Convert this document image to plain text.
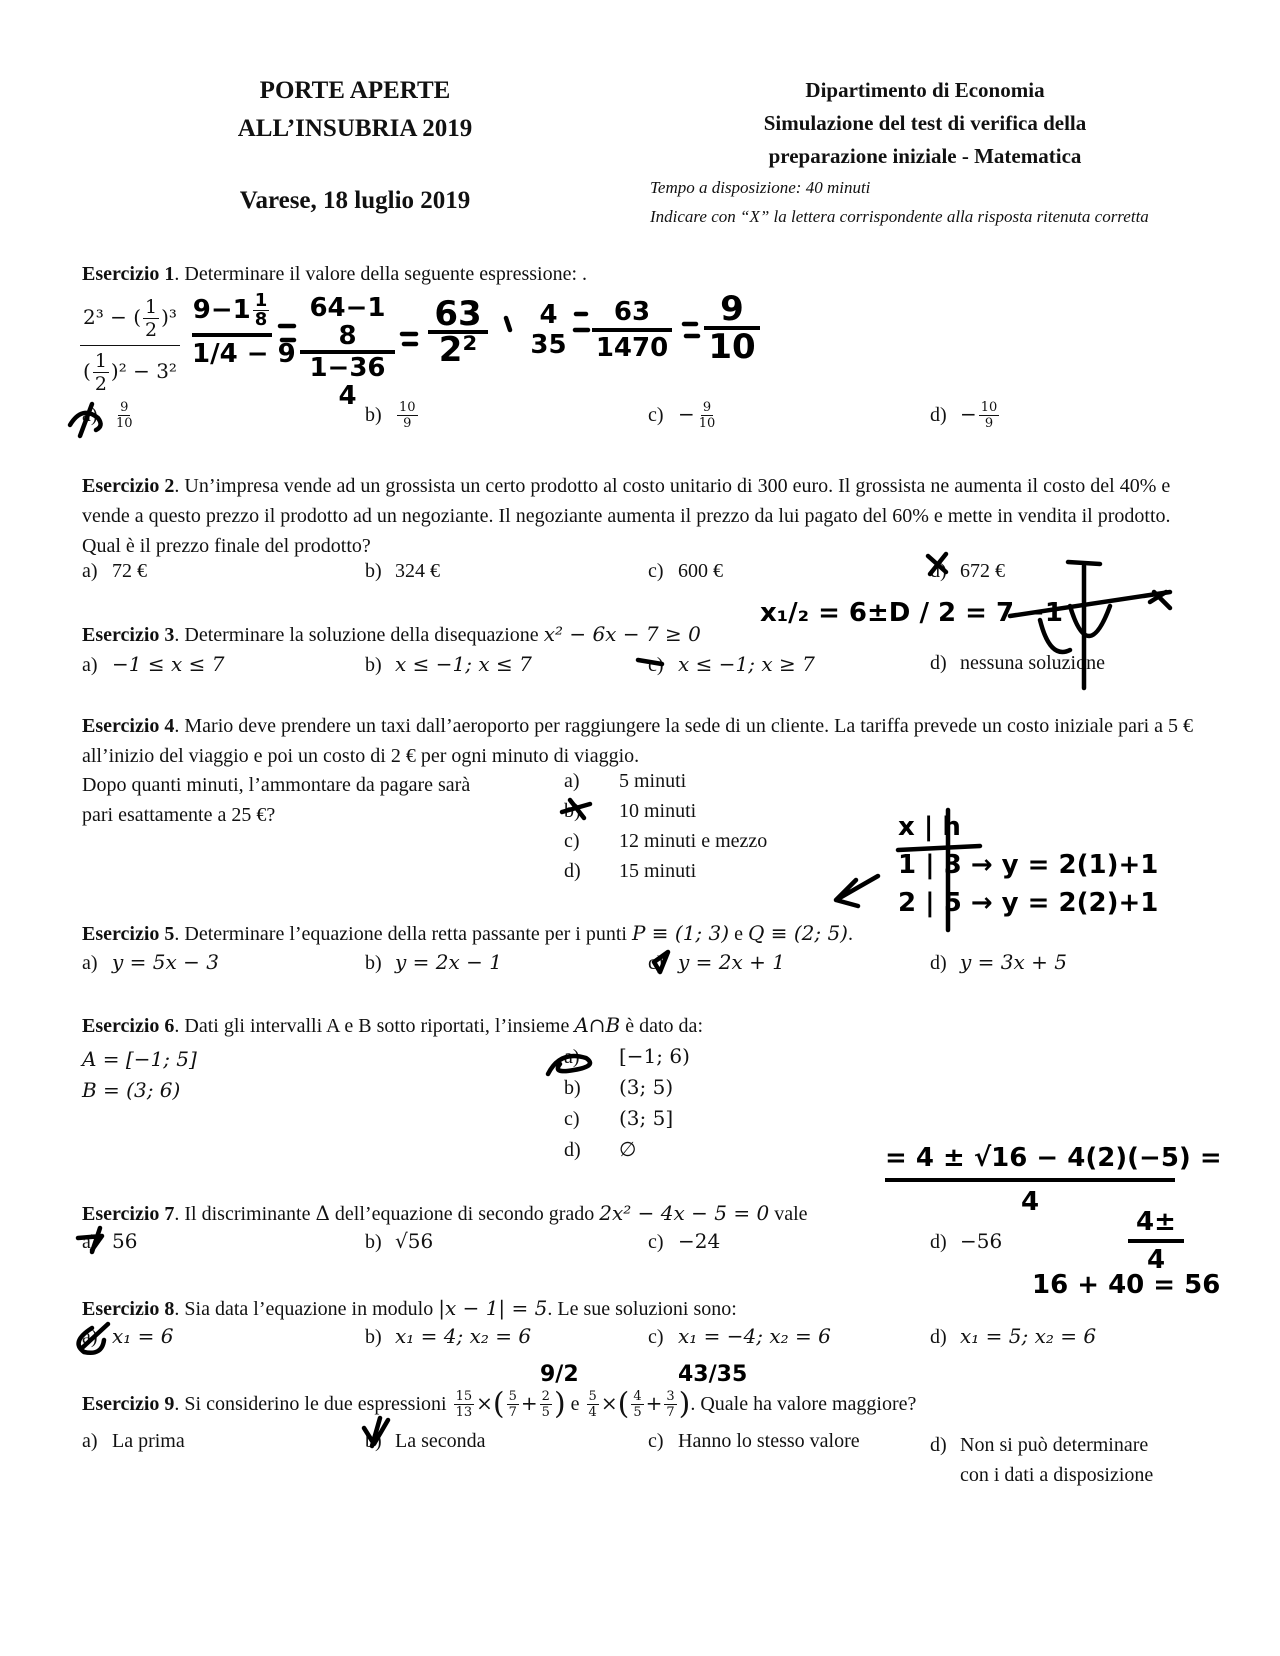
PORTE APERTE
ALL’INSUBRIA 2019
Varese, 18 luglio 2019
Dipartimento di Economia
Simulazione del test di verifica della
preparazione iniziale - Matematica
Tempo a disposizione: 40 minuti
Indicare con “X” la lettera corrispondente alla risposta ritenuta corretta
Esercizio 1. Determinare il valore della seguente espressione: .
$\frac{2^3 - ( \frac{1}{2} )^3}{( \frac{1}{2} )^2 - 3^2}$
$a) \frac{9}{10}$	$b) \frac{10}{9}$	$c) - \frac{9}{10}$	$d) - \frac{10}{9}$
Esercizio 2. Un’impresa vende ad un grossista un certo prodotto al costo unitario di 300 euro. Il grossista ne aumenta il costo del 40% e vende a questo prezzo il prodotto ad un negoziante. Il negoziante aumenta il prezzo da lui pagato del 60% e mette in vendita il prodotto. Qual è il prezzo finale del prodotto?
a) 72 €	b) 324 €	c) 600 €	d) 672 €
Esercizio 3. Determinare la soluzione della disequazione x² − 6x − 7 ≥ 0
a) −1 ≤ x ≤ 7	b) x ≤ −1; x ≤ 7	c) x ≤ −1; x ≥ 7	d) nessuna soluzione
Esercizio 4. Mario deve prendere un taxi dall’aeroporto per raggiungere la sede di un cliente. La tariffa prevede un costo iniziale pari a 5 € all’inizio del viaggio e poi un costo di 2 € per ogni minuto di viaggio.
Dopo quanti minuti, l’ammontare da pagare sarà
pari esattamente a 25 €?
a) 5 minuti
b) 10 minuti
c) 12 minuti e mezzo
d) 15 minuti
Esercizio 5. Determinare l’equazione della retta passante per i punti P ≡ (1; 3) e Q ≡ (2; 5).
a) y = 5x − 3	b) y = 2x − 1	c) y = 2x + 1	d) y = 3x + 5
Esercizio 6. Dati gli intervalli A e B sotto riportati, l’insieme A∩B è dato da:
A = [−1; 5]
B = (3; 6)
a) [−1; 6)
b) (3; 5)
c) (3; 5]
d) ∅
Esercizio 7. Il discriminante Δ dell’equazione di secondo grado 2x² − 4x − 5 = 0 vale
a) 56	b) √56	c) −24	d) −56
Esercizio 8. Sia data l’equazione in modulo |x − 1| = 5. Le sue soluzioni sono:
a) x₁ = 6	b) x₁ = 4; x₂ = 6	c) x₁ = −4; x₂ = 6	d) x₁ = 5; x₂ = 6
Esercizio 9. Si considerino le due espressioni $\frac{15}{13}$ ×( $\frac{5}{7} + \frac{2}{5}$ ) e $\frac{5}{4}$ ×( $\frac{4}{5} + \frac{3}{7}$ ). Quale ha valore maggiore?
a) La prima	b) La seconda	c) Hanno lo stesso valore	d) Non si può determinare
con i dati a disposizione
$9-1 \frac{1}{8}$
1/4 − 9
64−1
8
1−36
4
63
2²
4
35
63
1470
9
10
x₁/₂ = 6±D / 2 = 7 −1
x | h
1 | 3 → y = 2(1)+1
2 | 5 → y = 2(2)+1
= 4 ± √16 − 4(2)(−5) =
4
4±
4
16 + 40 = 56
9/2	43/35
